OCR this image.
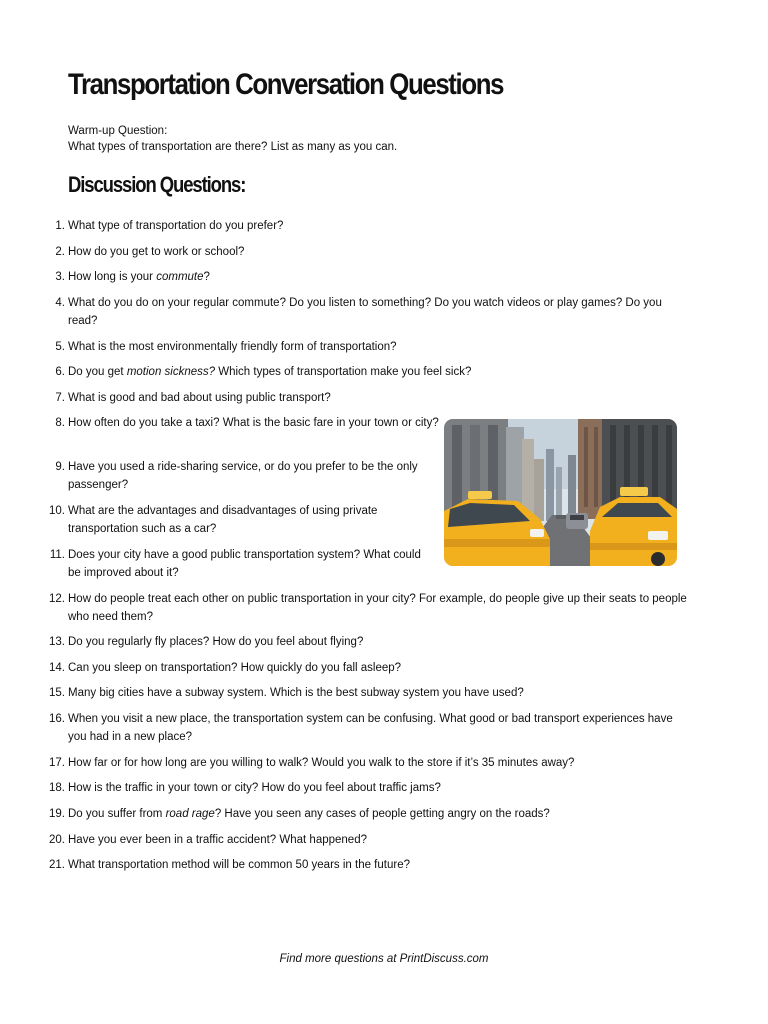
Transportation Conversation Questions
Warm-up Question:
What types of transportation are there? List as many as you can.
Discussion Questions:
1. What type of transportation do you prefer?
2. How do you get to work or school?
3. How long is your commute?
4. What do you do on your regular commute? Do you listen to something? Do you watch videos or play games? Do you read?
5. What is the most environmentally friendly form of transportation?
6. Do you get motion sickness? Which types of transportation make you feel sick?
7. What is good and bad about using public transport?
8. How often do you take a taxi? What is the basic fare in your town or city?
9. Have you used a ride-sharing service, or do you prefer to be the only passenger?
10. What are the advantages and disadvantages of using private transportation such as a car?
11. Does your city have a good public transportation system? What could be improved about it?
12. How do people treat each other on public transportation in your city? For example, do people give up their seats to people who need them?
13. Do you regularly fly places? How do you feel about flying?
14. Can you sleep on transportation? How quickly do you fall asleep?
15. Many big cities have a subway system. Which is the best subway system you have used?
16. When you visit a new place, the transportation system can be confusing. What good or bad transport experiences have you had in a new place?
17. How far or for how long are you willing to walk? Would you walk to the store if it’s 35 minutes away?
18. How is the traffic in your town or city? How do you feel about traffic jams?
19. Do you suffer from road rage? Have you seen any cases of people getting angry on the roads?
20. Have you ever been in a traffic accident? What happened?
21. What transportation method will be common 50 years in the future?
Find more questions at PrintDiscuss.com
